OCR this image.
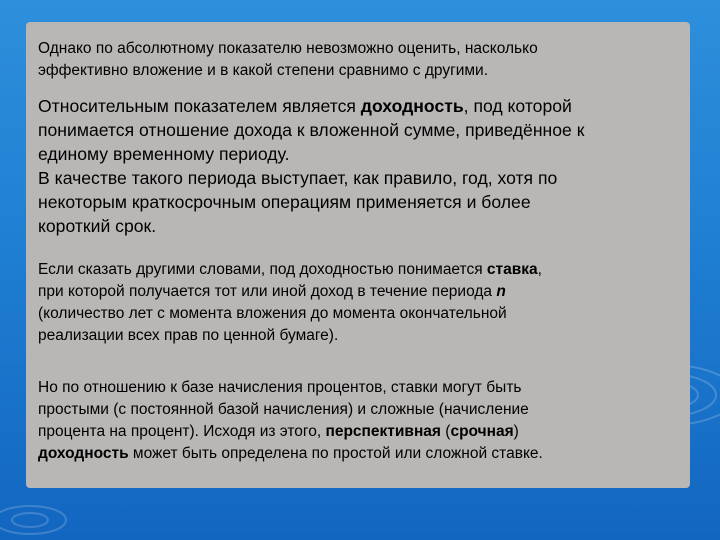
Однако по абсолютному показателю невозможно оценить, насколько
эффективно вложение и в какой степени сравнимо с другими.

Относительным показателем является доходность, под которой
понимается отношение дохода к вложенной сумме, приведённое к
единому временному периоду.
В качестве такого периода выступает, как правило, год, хотя по
некоторым краткосрочным операциям применяется и более
короткий срок.

Если сказать другими словами, под доходностью понимается ставка,
при которой получается тот или иной доход в течение периода n
(количество лет с момента вложения до момента окончательной
реализации всех прав по ценной бумаге).

Но по отношению к базе начисления процентов, ставки могут быть
простыми (с постоянной базой начисления) и сложные (начисление
процента на процент). Исходя из этого, перспективная (срочная)
доходность может быть определена по простой или сложной ставке.
